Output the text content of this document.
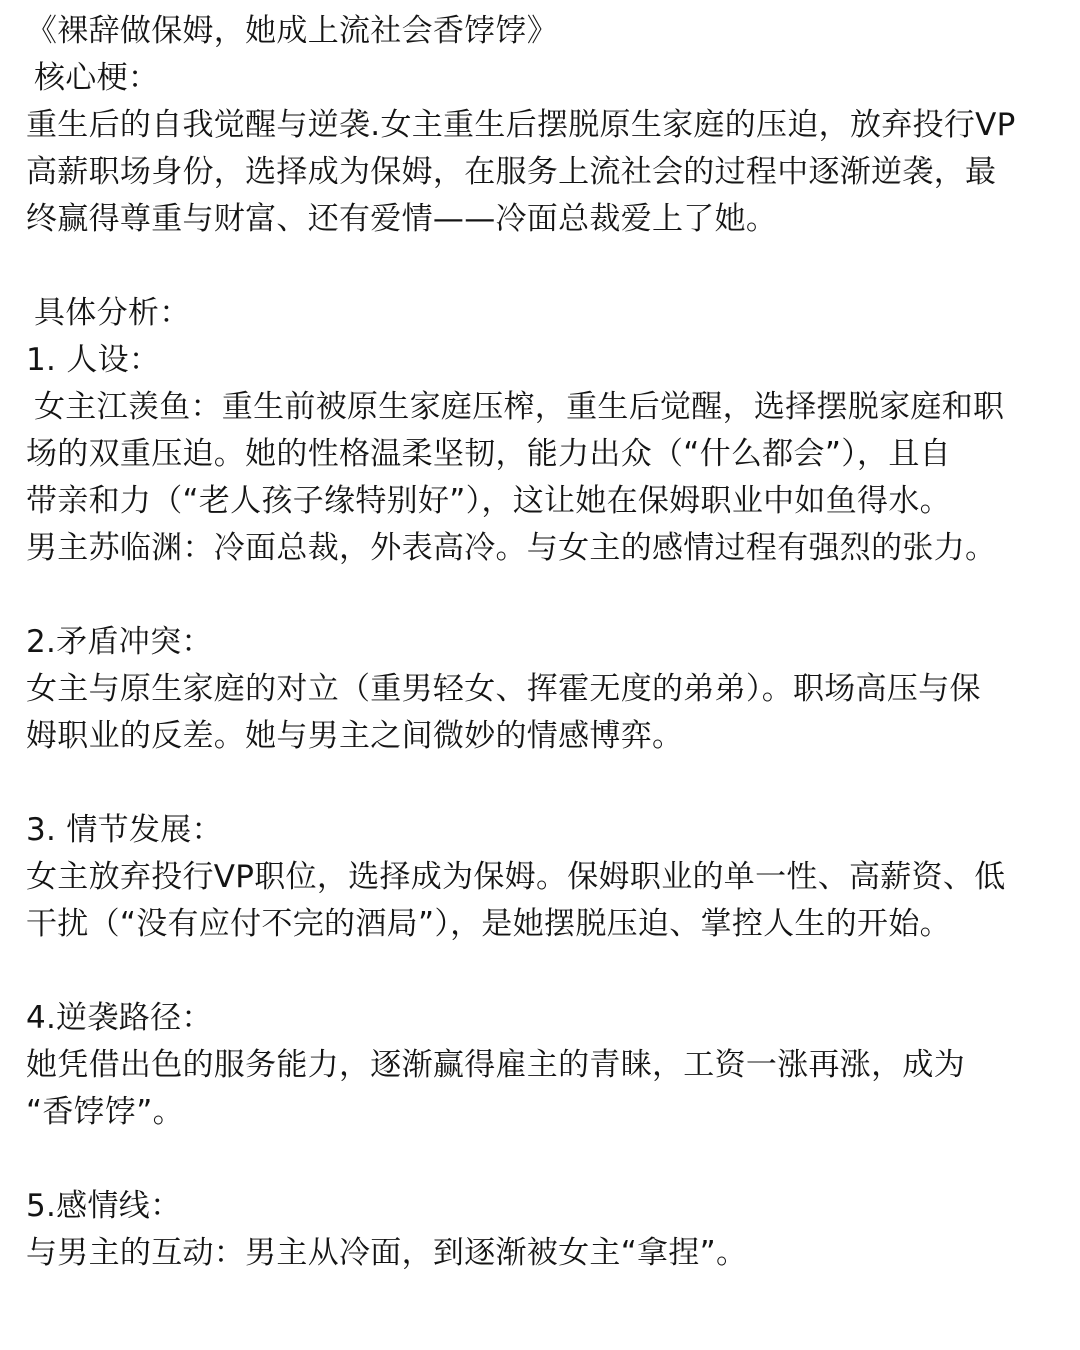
《裸辞做保姆，她成上流社会香饽饽》
核心梗：
重生后的自我觉醒与逆袭.女主重生后摆脱原生家庭的压迫，放弃投行VP
高薪职场身份，选择成为保姆，在服务上流社会的过程中逐渐逆袭，最
终赢得尊重与财富、还有爱情——冷面总裁爱上了她。
具体分析：
1. 人设：
女主江羡鱼：重生前被原生家庭压榨，重生后觉醒，选择摆脱家庭和职
场的双重压迫。她的性格温柔坚韧，能力出众（“什么都会”），且自
带亲和力（“老人孩子缘特别好”），这让她在保姆职业中如鱼得水。
男主苏临渊：冷面总裁，外表高冷。与女主的感情过程有强烈的张力。
2.矛盾冲突：
女主与原生家庭的对立（重男轻女、挥霍无度的弟弟）。职场高压与保
姆职业的反差。她与男主之间微妙的情感博弈。
3. 情节发展：
女主放弃投行VP职位，选择成为保姆。保姆职业的单一性、高薪资、低
干扰（“没有应付不完的酒局”），是她摆脱压迫、掌控人生的开始。
4.逆袭路径：
她凭借出色的服务能力，逐渐赢得雇主的青睐，工资一涨再涨，成为
“香饽饽”。
5.感情线：
与男主的互动：男主从冷面，到逐渐被女主“拿捏”。
